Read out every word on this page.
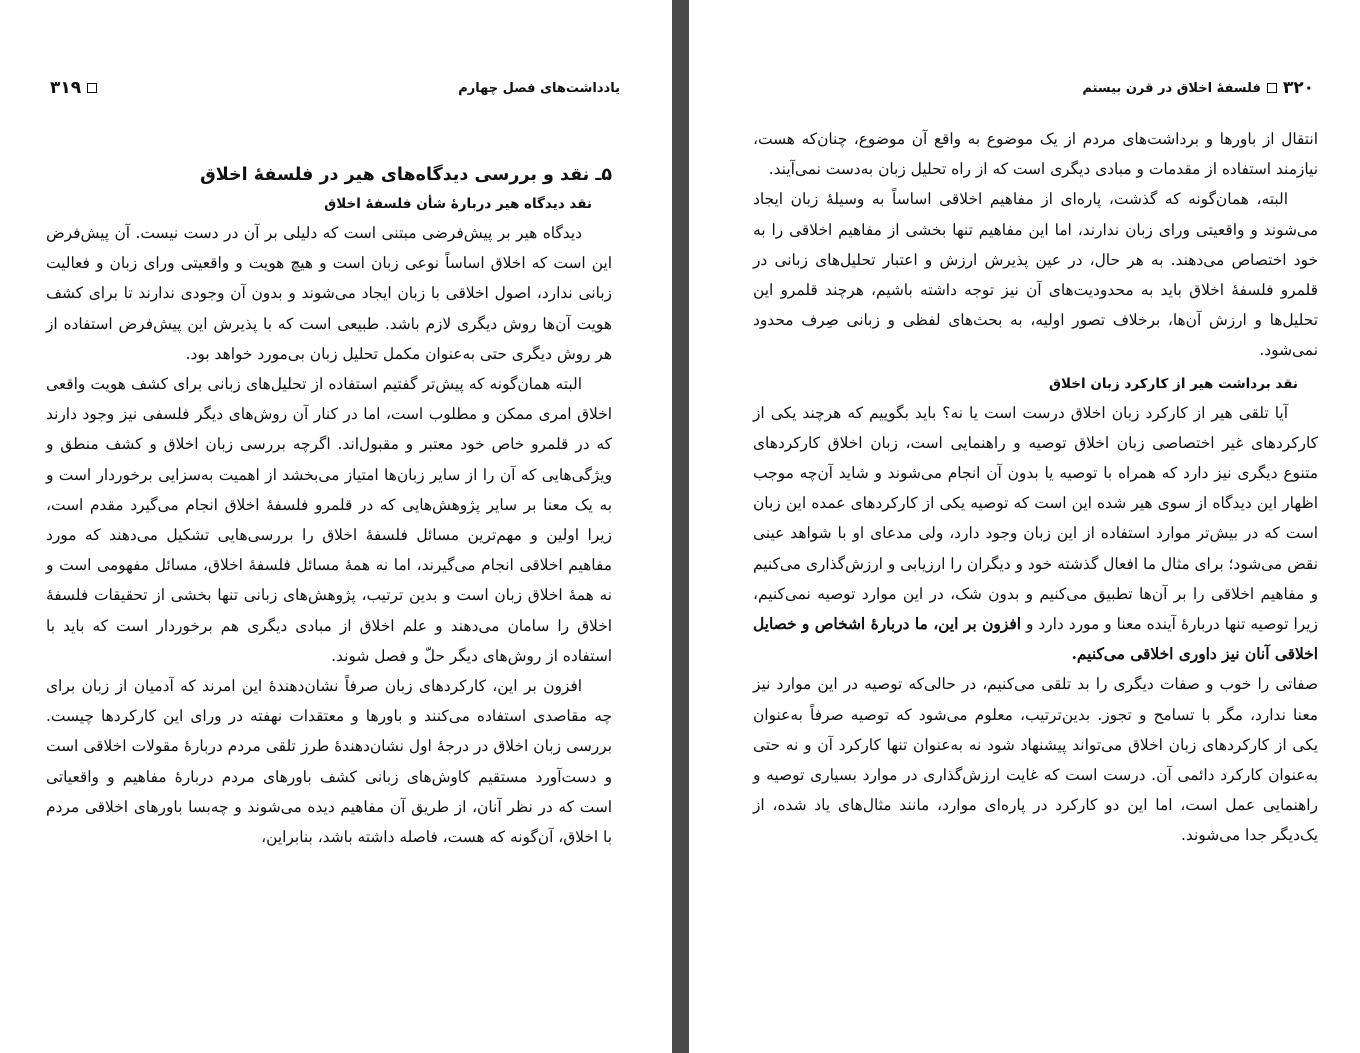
یادداشت‌های فصل چهارم
۳۱۹

۵ـ نقد و بررسی دیدگاه‌های هیر در فلسفهٔ اخلاق

نقد دیدگاه هیر دربارهٔ شأن فلسفهٔ اخلاق

دیدگاه هیر بر پیش‌فرضی مبتنی است که دلیلی بر آن در دست نیست. آن پیش‌فرض این است که اخلاق اساساً نوعی زبان است و هیچ هویت و واقعیتی ورای زبان و فعالیت زبانی ندارد، اصول اخلاقی با زبان ایجاد می‌شوند و بدون آن وجودی ندارند تا برای کشف هویت آن‌ها روش دیگری لازم باشد. طبیعی است که با پذیرش این پیش‌فرض استفاده از هر روش دیگری حتی به‌عنوان مکمل تحلیل زبان بی‌مورد خواهد بود.

البته همان‌گونه که پیش‌تر گفتیم استفاده از تحلیل‌های زبانی برای کشف هویت واقعی اخلاق امری ممکن و مطلوب است، اما در کنار آن روش‌های دیگر فلسفی نیز وجود دارند که در قلمرو خاص خود معتبر و مقبول‌اند. اگرچه بررسی زبان اخلاق و کشف منطق و ویژگی‌هایی که آن را از سایر زبان‌ها امتیاز می‌بخشد از اهمیت به‌سزایی برخوردار است و به یک معنا بر سایر پژوهش‌هایی که در قلمرو فلسفهٔ اخلاق انجام می‌گیرد مقدم است، زیرا اولین و مهم‌ترین مسائل فلسفهٔ اخلاق را بررسی‌هایی تشکیل می‌دهند که مورد مفاهیم اخلاقی انجام می‌گیرند، اما نه همهٔ مسائل فلسفهٔ اخلاق، مسائل مفهومی است و نه همهٔ اخلاق زبان است و بدین ترتیب، پژوهش‌های زبانی تنها بخشی از تحقیقات فلسفهٔ اخلاق را سامان می‌دهند و علم اخلاق از مبادی دیگری هم برخوردار است که باید با استفاده از روش‌های دیگر حلّ و فصل شوند.

افزون بر این، کارکردهای زبان صرفاً نشان‌دهندهٔ این امرند که آدمیان از زبان برای چه مقاصدی استفاده می‌کنند و باورها و معتقدات نهفته در ورای این کارکردها چیست. بررسی زبان اخلاق در درجهٔ اول نشان‌دهندهٔ طرز تلقی مردم دربارهٔ مقولات اخلاقی است و دست‌آورد مستقیم کاوش‌های زبانی کشف باورهای مردم دربارهٔ مفاهیم و واقعیاتی است که در نظر آنان، از طریق آن مفاهیم دیده می‌شوند و چه‌بسا باورهای اخلاقی مردم با اخلاق، آن‌گونه که هست، فاصله داشته باشد، بنابراین،

۳۲۰
فلسفهٔ اخلاق در قرن بیستم

انتقال از باورها و برداشت‌های مردم از یک موضوع به واقع آن موضوع، چنان‌که هست، نیازمند استفاده از مقدمات و مبادی دیگری است که از راه تحلیل زبان به‌دست نمی‌آیند.

البته، همان‌گونه که گذشت، پاره‌ای از مفاهیم اخلاقی اساساً به وسیلهٔ زبان ایجاد می‌شوند و واقعیتی ورای زبان ندارند، اما این مفاهیم تنها بخشی از مفاهیم اخلاقی را به خود اختصاص می‌دهند. به هر حال، در عین پذیرش ارزش و اعتبار تحلیل‌های زبانی در قلمرو فلسفهٔ اخلاق باید به محدودیت‌های آن نیز توجه داشته باشیم، هرچند قلمرو این تحلیل‌ها و ارزش آن‌ها، برخلاف تصور اولیه، به بحث‌های لفظی و زبانی صِرف محدود نمی‌شود.

نقد برداشت هیر از کارکرد زبان اخلاق

آیا تلقی هیر از کارکرد زبان اخلاق درست است یا نه؟ باید بگوییم که هرچند یکی از کارکردهای غیر اختصاصی زبان اخلاق توصیه و راهنمایی است، زبان اخلاق کارکردهای متنوع دیگری نیز دارد که همراه با توصیه یا بدون آن انجام می‌شوند و شاید آن‌چه موجب اظهار این دیدگاه از سوی هیر شده این است که توصیه یکی از کارکردهای عمده این زبان است که در بیش‌تر موارد استفاده از این زبان وجود دارد، ولی مدعای او با شواهد عینی نقض می‌شود؛ برای مثال ما افعال گذشته خود و دیگران را ارزیابی و ارزش‌گذاری می‌کنیم و مفاهیم اخلاقی را بر آن‌ها تطبیق می‌کنیم و بدون شک، در این موارد توصیه نمی‌کنیم، زیرا توصیه تنها دربارهٔ آینده معنا و مورد دارد و افزون بر این، ما دربارهٔ اشخاص و خصایل اخلاقی آنان نیز داوری اخلاقی می‌کنیم.

صفاتی را خوب و صفات دیگری را بد تلقی می‌کنیم، در حالی‌که توصیه در این موارد نیز معنا ندارد، مگر با تسامح و تجوز. بدین‌ترتیب، معلوم می‌شود که توصیه صرفاً به‌عنوان یکی از کارکردهای زبان اخلاق می‌تواند پیشنهاد شود نه به‌عنوان تنها کارکرد آن و نه حتی به‌عنوان کارکرد دائمی آن. درست است که غایت ارزش‌گذاری در موارد بسیاری توصیه و راهنمایی عمل است، اما این دو کارکرد در پاره‌ای موارد، مانند مثال‌های یاد شده، از یک‌دیگر جدا می‌شوند.
